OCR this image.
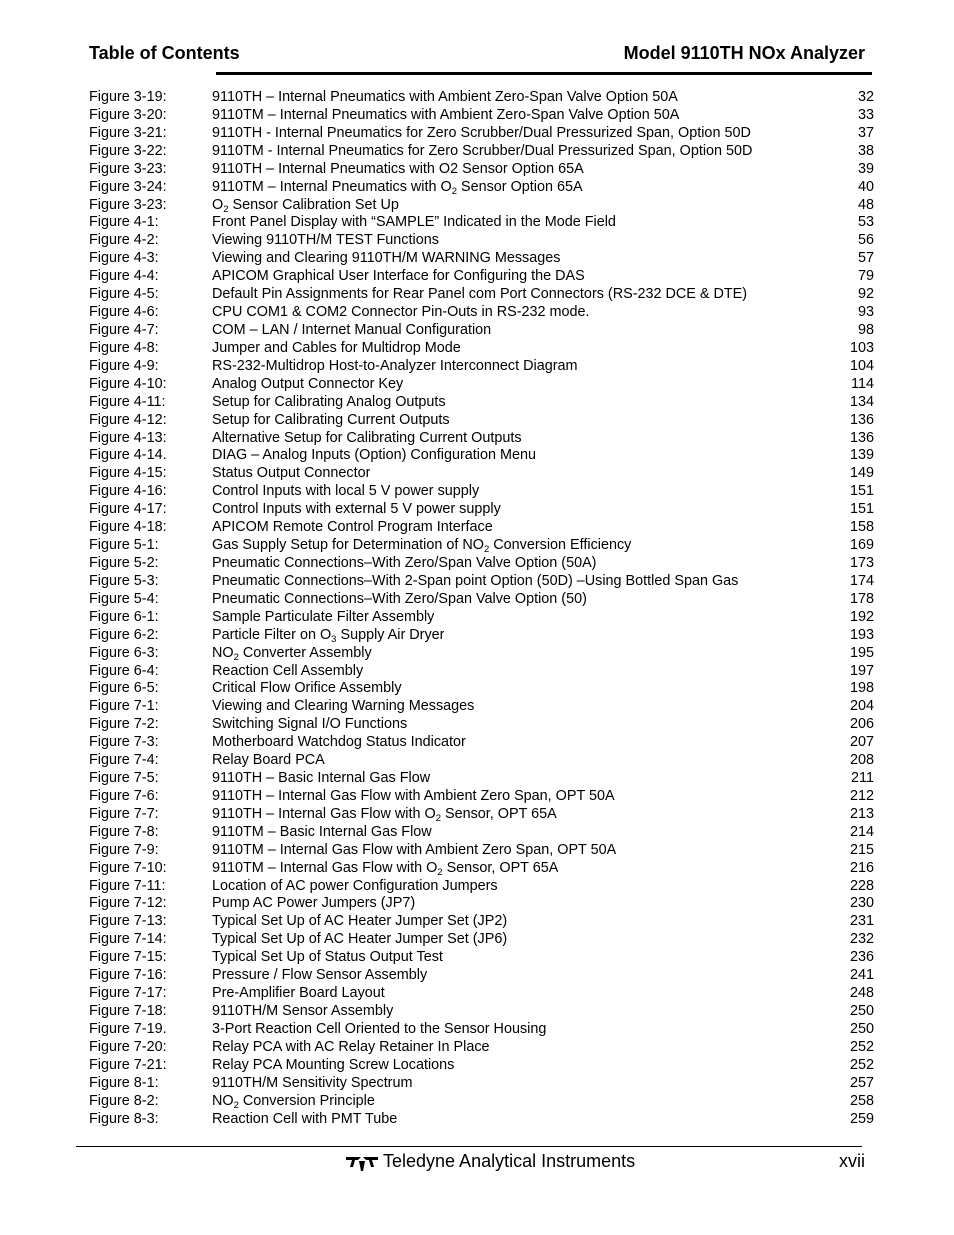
Table of Contents	Model 9110TH NOx Analyzer
Figure 3-19:	9110TH – Internal Pneumatics with Ambient Zero-Span Valve Option 50A	32
Figure 3-20:	9110TM – Internal Pneumatics with Ambient Zero-Span Valve Option 50A	33
Figure 3-21:	9110TH - Internal Pneumatics for Zero Scrubber/Dual Pressurized Span, Option 50D	37
Figure 3-22:	9110TM - Internal Pneumatics for Zero Scrubber/Dual Pressurized Span, Option 50D	38
Figure 3-23:	9110TH – Internal Pneumatics with O2 Sensor Option 65A	39
Figure 3-24:	9110TM – Internal Pneumatics with $O_2$ Sensor Option 65A	40
Figure 3-23:	$O_2$ Sensor Calibration Set Up	48
Figure 4-1:	Front Panel Display with “SAMPLE” Indicated in the Mode Field	53
Figure 4-2:	Viewing 9110TH/M TEST Functions	56
Figure 4-3:	Viewing and Clearing 9110TH/M WARNING Messages	57
Figure 4-4:	APICOM Graphical User Interface for Configuring the DAS	79
Figure 4-5:	Default Pin Assignments for Rear Panel com Port Connectors (RS-232 DCE & DTE)	92
Figure 4-6:	CPU COM1 & COM2 Connector Pin-Outs in RS-232 mode.	93
Figure 4-7:	COM – LAN / Internet Manual Configuration	98
Figure 4-8:	Jumper and Cables for Multidrop Mode	103
Figure 4-9:	RS-232-Multidrop Host-to-Analyzer Interconnect Diagram	104
Figure 4-10:	Analog Output Connector Key	114
Figure 4-11:	Setup for Calibrating Analog Outputs	134
Figure 4-12:	Setup for Calibrating Current Outputs	136
Figure 4-13:	Alternative Setup for Calibrating Current Outputs	136
Figure 4-14.	DIAG – Analog Inputs (Option) Configuration Menu	139
Figure 4-15:	Status Output Connector	149
Figure 4-16:	Control Inputs with local 5 V power supply	151
Figure 4-17:	Control Inputs with external 5 V power supply	151
Figure 4-18:	APICOM Remote Control Program Interface	158
Figure 5-1:	Gas Supply Setup for Determination of $NO_2$ Conversion Efficiency	169
Figure 5-2:	Pneumatic Connections–With Zero/Span Valve Option (50A)	173
Figure 5-3:	Pneumatic Connections–With 2-Span point Option (50D) –Using Bottled Span Gas	174
Figure 5-4:	Pneumatic Connections–With Zero/Span Valve Option (50)	178
Figure 6-1:	Sample Particulate Filter Assembly	192
Figure 6-2:	Particle Filter on $O_3$ Supply Air Dryer	193
Figure 6-3:	$NO_2$ Converter Assembly	195
Figure 6-4:	Reaction Cell Assembly	197
Figure 6-5:	Critical Flow Orifice Assembly	198
Figure 7-1:	Viewing and Clearing Warning Messages	204
Figure 7-2:	Switching Signal I/O Functions	206
Figure 7-3:	Motherboard Watchdog Status Indicator	207
Figure 7-4:	Relay Board PCA	208
Figure 7-5:	9110TH – Basic Internal Gas Flow	211
Figure 7-6:	9110TH – Internal Gas Flow with Ambient Zero Span, OPT 50A	212
Figure 7-7:	9110TH – Internal Gas Flow with $O_2$ Sensor, OPT 65A	213
Figure 7-8:	9110TM – Basic Internal Gas Flow	214
Figure 7-9:	9110TM – Internal Gas Flow with Ambient Zero Span, OPT 50A	215
Figure 7-10:	9110TM – Internal Gas Flow with $O_2$ Sensor, OPT 65A	216
Figure 7-11:	Location of AC power Configuration Jumpers	228
Figure 7-12:	Pump AC Power Jumpers (JP7)	230
Figure 7-13:	Typical Set Up of AC Heater Jumper Set (JP2)	231
Figure 7-14:	Typical Set Up of AC Heater Jumper Set (JP6)	232
Figure 7-15:	Typical Set Up of Status Output Test	236
Figure 7-16:	Pressure / Flow Sensor Assembly	241
Figure 7-17:	Pre-Amplifier Board Layout	248
Figure 7-18:	9110TH/M Sensor Assembly	250
Figure 7-19.	3-Port Reaction Cell Oriented to the Sensor Housing	250
Figure 7-20:	Relay PCA with AC Relay Retainer In Place	252
Figure 7-21:	Relay PCA Mounting Screw Locations	252
Figure 8-1:	9110TH/M Sensitivity Spectrum	257
Figure 8-2:	$NO_2$ Conversion Principle	258
Figure 8-3:	Reaction Cell with PMT Tube	259
Teledyne Analytical Instruments	xvii
